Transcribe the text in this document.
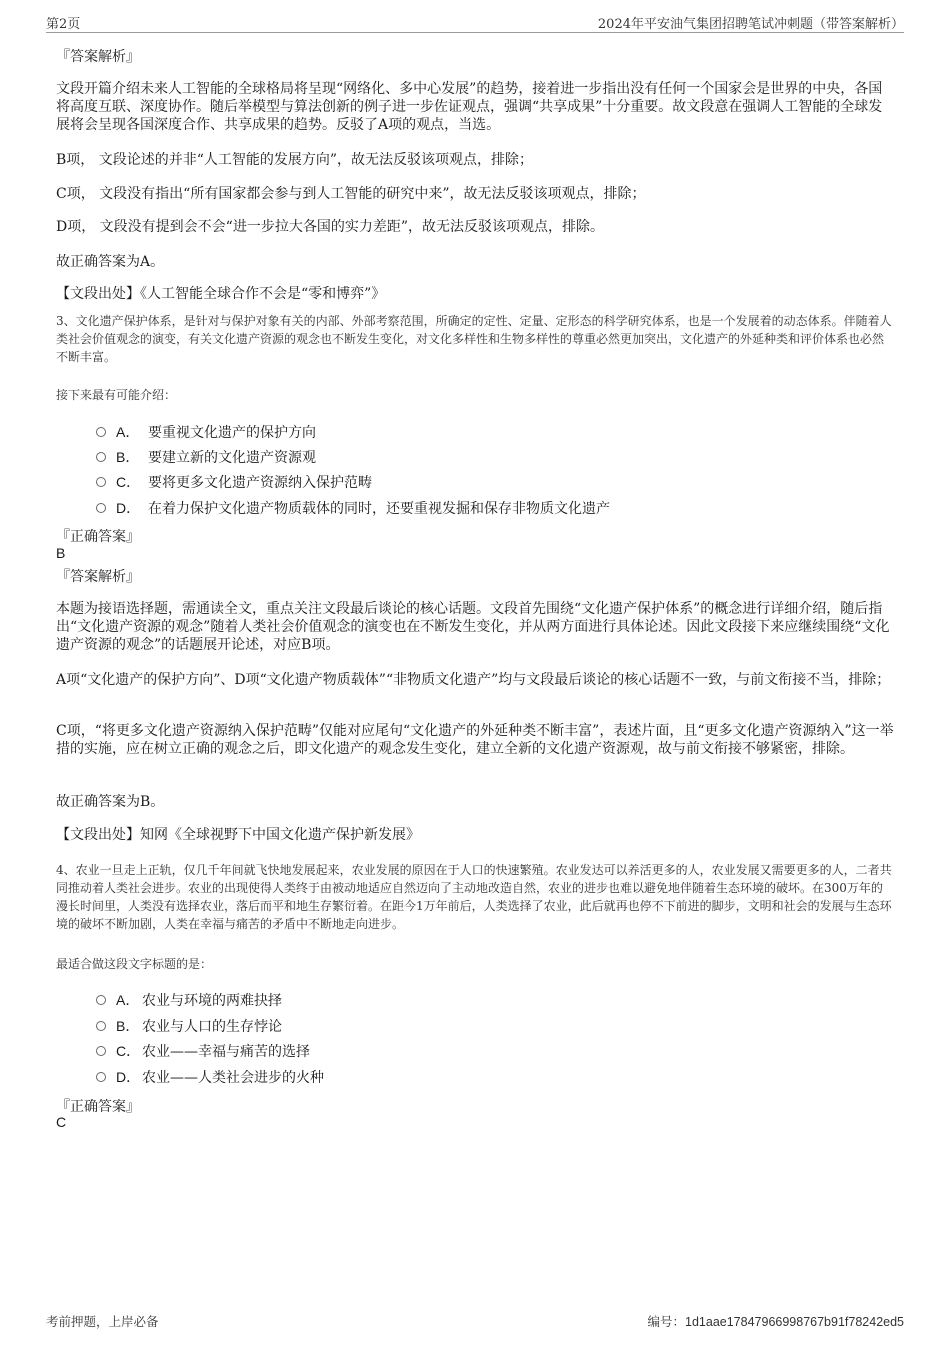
第2页	2024年平安油气集团招聘笔试冲刺题（带答案解析）
『答案解析』

文段开篇介绍未来人工智能的全球格局将呈现“网络化、多中心发展”的趋势，接着进一步指出没有任何一个国家会是世界的中央，各国将高度互联、深度协作。随后举模型与算法创新的例子进一步佐证观点，强调“共享成果”十分重要。故文段意在强调人工智能的全球发展将会呈现各国深度合作、共享成果的趋势。反驳了A项的观点，当选。

B项， 文段论述的并非“人工智能的发展方向”，故无法反驳该项观点，排除；

C项， 文段没有指出“所有国家都会参与到人工智能的研究中来”，故无法反驳该项观点，排除；

D项， 文段没有提到会不会“进一步拉大各国的实力差距”，故无法反驳该项观点，排除。

故正确答案为A。

【文段出处】《人工智能全球合作不会是“零和博弈”》

3、文化遗产保护体系，是针对与保护对象有关的内部、外部考察范围，所确定的定性、定量、定形态的科学研究体系，也是一个发展着的动态体系。伴随着人类社会价值观念的演变，有关文化遗产资源的观念也不断发生变化，对文化多样性和生物多样性的尊重必然更加突出，文化遗产的外延种类和评价体系也必然不断丰富。

接下来最有可能介绍：

A． 要重视文化遗产的保护方向
B． 要建立新的文化遗产资源观
C． 要将更多文化遗产资源纳入保护范畴
D． 在着力保护文化遗产物质载体的同时，还要重视发掘和保存非物质文化遗产
『正确答案』
B
『答案解析』

本题为接语选择题，需通读全文，重点关注文段最后谈论的核心话题。文段首先围绕“文化遗产保护体系”的概念进行详细介绍，随后指出“文化遗产资源的观念”随着人类社会价值观念的演变也在不断发生变化，并从两方面进行具体论述。因此文段接下来应继续围绕“文化遗产资源的观念”的话题展开论述，对应B项。

A项“文化遗产的保护方向”、D项“文化遗产物质载体”“非物质文化遗产”均与文段最后谈论的核心话题不一致，与前文衔接不当，排除；

C项，“将更多文化遗产资源纳入保护范畴”仅能对应尾句“文化遗产的外延种类不断丰富”，表述片面，且“更多文化遗产资源纳入”这一举措的实施，应在树立正确的观念之后，即文化遗产的观念发生变化，建立全新的文化遗产资源观，故与前文衔接不够紧密，排除。

故正确答案为B。

【文段出处】知网《全球视野下中国文化遗产保护新发展》

4、农业一旦走上正轨，仅几千年间就飞快地发展起来，农业发展的原因在于人口的快速繁殖。农业发达可以养活更多的人，农业发展又需要更多的人，二者共同推动着人类社会进步。农业的出现使得人类终于由被动地适应自然迈向了主动地改造自然，农业的进步也难以避免地伴随着生态环境的破坏。在300万年的漫长时间里，人类没有选择农业，落后而平和地生存繁衍着。在距今1万年前后，人类选择了农业，此后就再也停不下前进的脚步，文明和社会的发展与生态环境的破坏不断加剧，人类在幸福与痛苦的矛盾中不断地走向进步。

最适合做这段文字标题的是：

A． 农业与环境的两难抉择
B． 农业与人口的生存悖论
C． 农业——幸福与痛苦的选择
D． 农业——人类社会进步的火种
『正确答案』
C
考前押题，上岸必备	编号：1d1aae17847966998767b91f78242ed5
